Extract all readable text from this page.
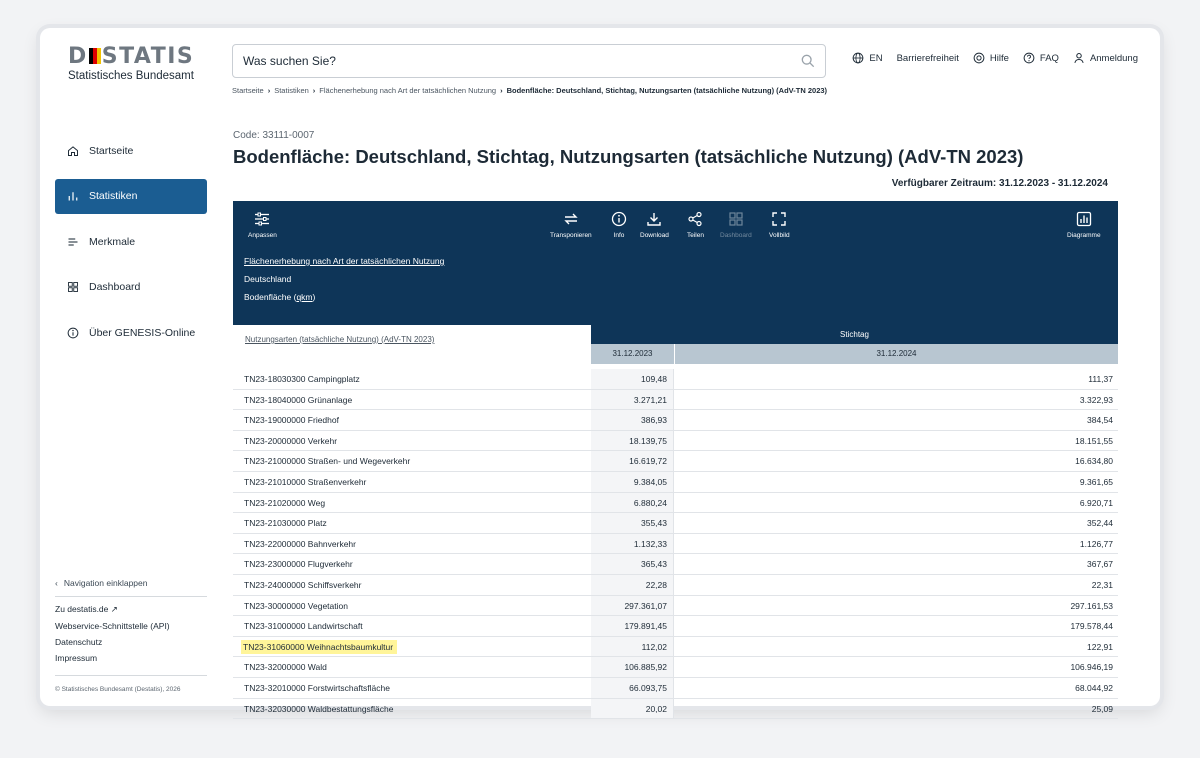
D STATIS
Statistisches Bundesamt
Was suchen Sie?
EN Barrierefreiheit	Hilfe	FAQ	Anmeldung
Startseite › Statistiken › Flächenerhebung nach Art der tatsächlichen Nutzung › Bodenfläche: Deutschland, Stichtag, Nutzungsarten (tatsächliche Nutzung) (AdV-TN 2023)
Startseite
Statistiken
Merkmale
Dashboard
Über GENESIS-Online
‹ Navigation einklappen
Zu destatis.de ↗
Webservice-Schnittstelle (API)
Datenschutz
Impressum
© Statistisches Bundesamt (Destatis), 2026
Code: 33111-0007
Bodenfläche: Deutschland, Stichtag, Nutzungsarten (tatsächliche Nutzung) (AdV-TN 2023)
Verfügbarer Zeitraum: 31.12.2023 - 31.12.2024
Anpassen	Transponieren	Info Download	Teilen Dashboard	Vollbild	Diagramme
Flächenerhebung nach Art der tatsächlichen Nutzung
Deutschland
Bodenfläche (qkm)
Nutzungsarten (tatsächliche Nutzung) (AdV-TN 2023)
Stichtag
31.12.2023	31.12.2024
TN23-18030300 Campingplatz	109,48	111,37
TN23-18040000 Grünanlage	3.271,21	3.322,93
TN23-19000000 Friedhof	386,93	384,54
TN23-20000000 Verkehr	18.139,75	18.151,55
TN23-21000000 Straßen- und Wegeverkehr	16.619,72	16.634,80
TN23-21010000 Straßenverkehr	9.384,05	9.361,65
TN23-21020000 Weg	6.880,24	6.920,71
TN23-21030000 Platz	355,43	352,44
TN23-22000000 Bahnverkehr	1.132,33	1.126,77
TN23-23000000 Flugverkehr	365,43	367,67
TN23-24000000 Schiffsverkehr	22,28	22,31
TN23-30000000 Vegetation	297.361,07	297.161,53
TN23-31000000 Landwirtschaft	179.891,45	179.578,44
TN23-31060000 Weihnachtsbaumkultur	112,02	122,91
TN23-32000000 Wald	106.885,92	106.946,19
TN23-32010000 Forstwirtschaftsfläche	66.093,75	68.044,92
TN23-32030000 Waldbestattungsfläche	20,02	25,09
